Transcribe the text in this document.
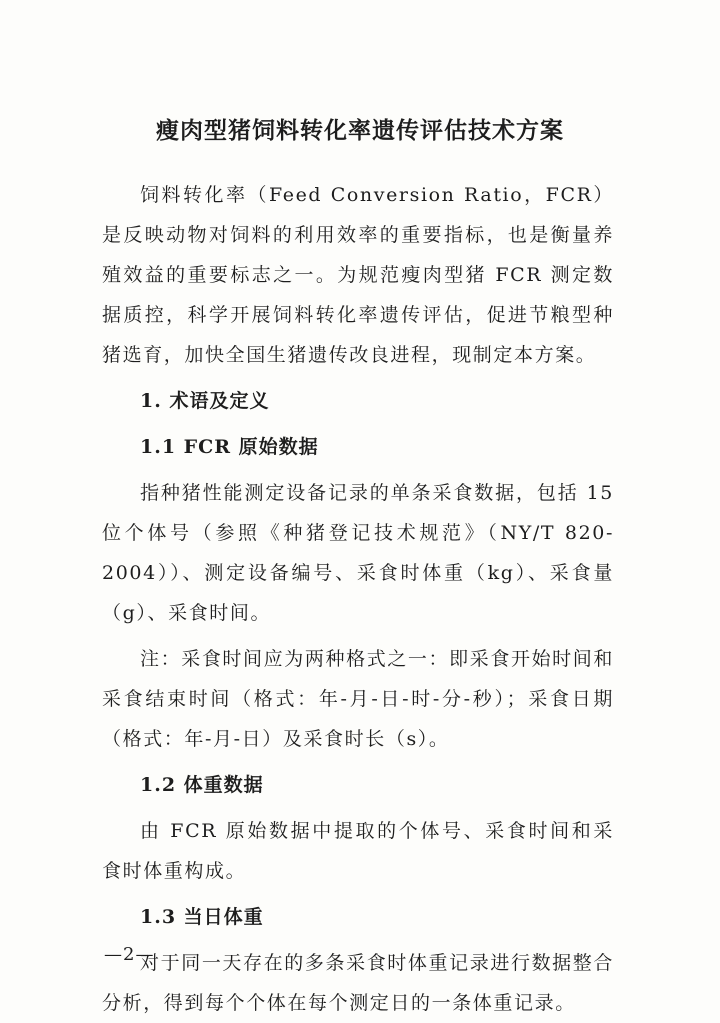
瘦肉型猪饲料转化率遗传评估技术方案

饲料转化率（Feed Conversion Ratio，FCR）是反映动物对饲料的利用效率的重要指标，也是衡量养殖效益的重要标志之一。为规范瘦肉型猪 FCR 测定数据质控，科学开展饲料转化率遗传评估，促进节粮型种猪选育，加快全国生猪遗传改良进程，现制定本方案。

1. 术语及定义

1.1 FCR 原始数据

指种猪性能测定设备记录的单条采食数据，包括 15 位个体号（参照《种猪登记技术规范》（NY/T 820-2004））、测定设备编号、采食时体重（kg）、采食量（g）、采食时间。

注：采食时间应为两种格式之一：即采食开始时间和采食结束时间（格式：年-月-日-时-分-秒）；采食日期（格式：年-月-日）及采食时长（s）。

1.2 体重数据

由 FCR 原始数据中提取的个体号、采食时间和采食时体重构成。

1.3 当日体重

对于同一天存在的多条采食时体重记录进行数据整合分析，得到每个个体在每个测定日的一条体重记录。

—2—
